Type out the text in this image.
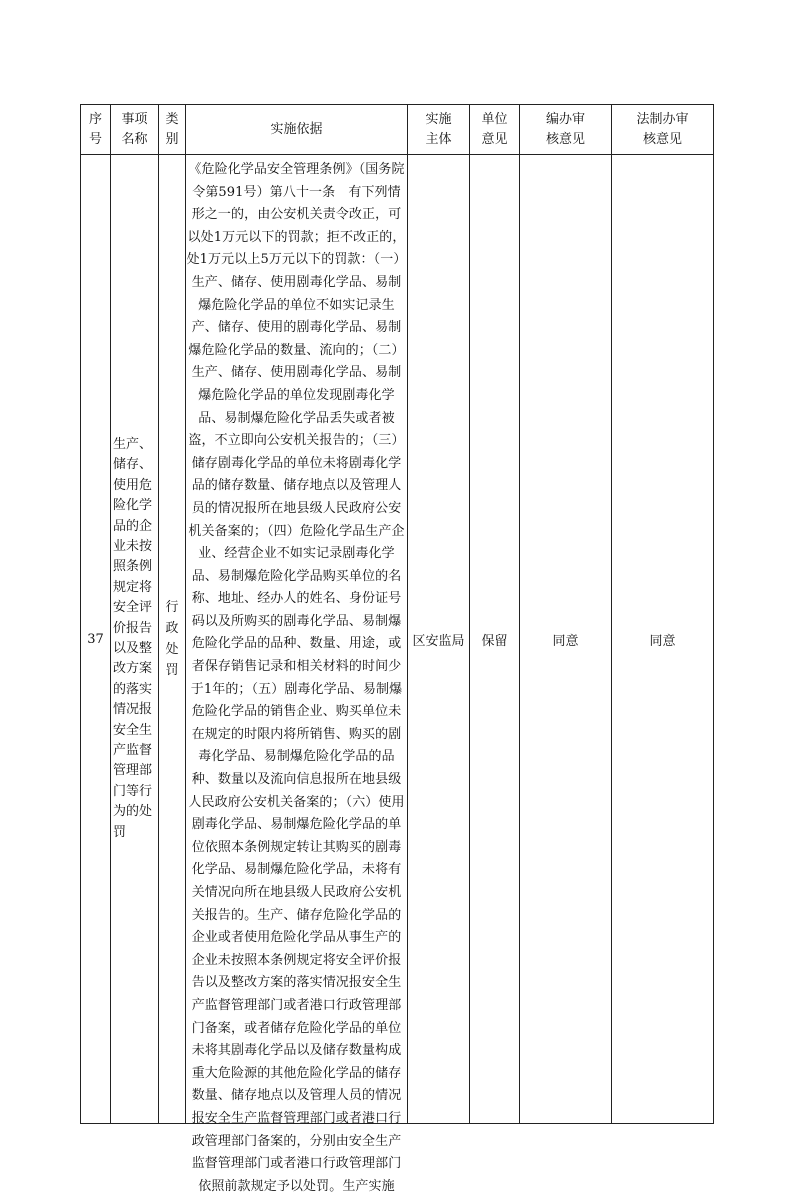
序号	事项名称	类别	实施依据	实施主体	单位意见	编办审核意见	法制办审核意见
37	生产、储存、使用危险化学品的企业未按照条例规定将安全评价报告以及整改方案的落实情况报安全生产监督管理部门等行为的处罚	行政处罚	《危险化学品安全管理条例》（国务院令第591号）第八十一条　有下列情形之一的，由公安机关责令改正，可以处1万元以下的罚款；拒不改正的，处1万元以上5万元以下的罚款：（一）生产、储存、使用剧毒化学品、易制爆危险化学品的单位不如实记录生产、储存、使用的剧毒化学品、易制爆危险化学品的数量、流向的；（二）生产、储存、使用剧毒化学品、易制爆危险化学品的单位发现剧毒化学品、易制爆危险化学品丢失或者被盗，不立即向公安机关报告的；（三）储存剧毒化学品的单位未将剧毒化学品的储存数量、储存地点以及管理人员的情况报所在地县级人民政府公安机关备案的；（四）危险化学品生产企业、经营企业不如实记录剧毒化学品、易制爆危险化学品购买单位的名称、地址、经办人的姓名、身份证号码以及所购买的剧毒化学品、易制爆危险化学品的品种、数量、用途，或者保存销售记录和相关材料的时间少于1年的；（五）剧毒化学品、易制爆危险化学品的销售企业、购买单位未在规定的时限内将所销售、购买的剧毒化学品、易制爆危险化学品的品种、数量以及流向信息报所在地县级人民政府公安机关备案的；（六）使用剧毒化学品、易制爆危险化学品的单位依照本条例规定转让其购买的剧毒化学品、易制爆危险化学品，未将有关情况向所在地县级人民政府公安机关报告的。生产、储存危险化学品的企业或者使用危险化学品从事生产的企业未按照本条例规定将安全评价报告以及整改方案的落实情况报安全生产监督管理部门或者港口行政管理部门备案，或者储存危险化学品的单位未将其剧毒化学品以及储存数量构成重大危险源的其他危险化学品的储存数量、储存地点以及管理人员的情况报安全生产监督管理部门或者港口行政管理部门备案的，分别由安全生产监督管理部门或者港口行政管理部门依照前款规定予以处罚。生产实施	区安监局	保留	同意	同意
